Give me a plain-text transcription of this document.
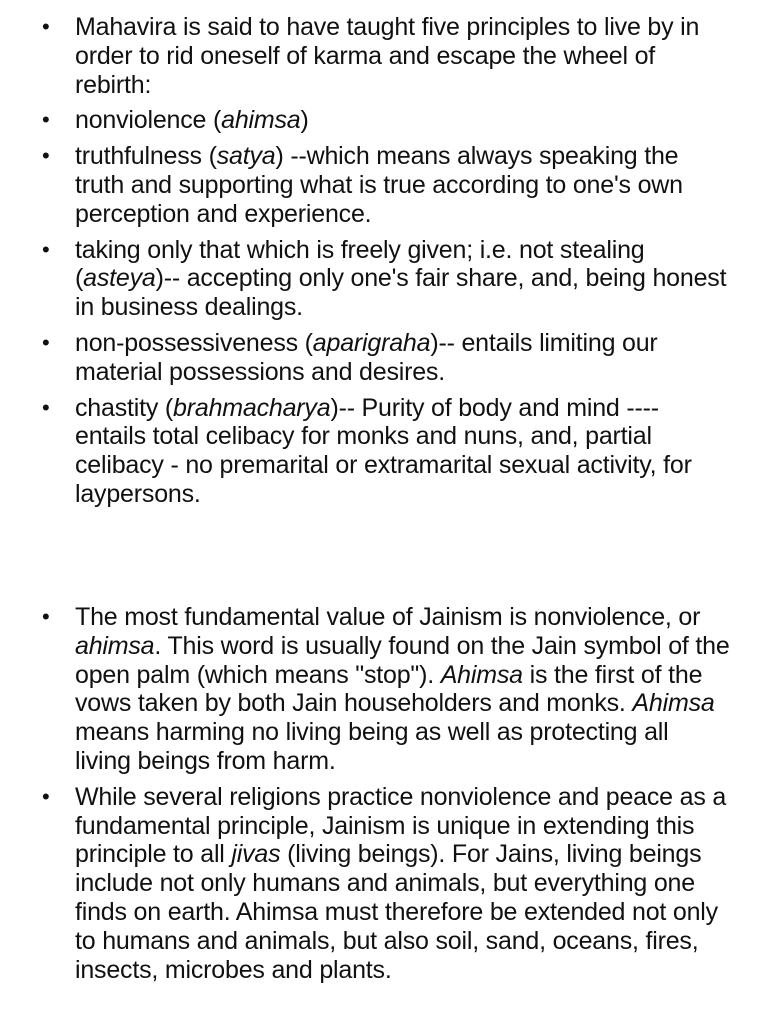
• Mahavira is said to have taught five principles to live by in order to rid oneself of karma and escape the wheel of rebirth:
• nonviolence (ahimsa)
• truthfulness (satya) --which means always speaking the truth and supporting what is true according to one's own perception and experience.
• taking only that which is freely given; i.e. not stealing (asteya)-- accepting only one's fair share, and, being honest in business dealings.
• non-possessiveness (aparigraha)-- entails limiting our material possessions and desires.
• chastity (brahmacharya)-- Purity of body and mind ---- entails total celibacy for monks and nuns, and, partial celibacy - no premarital or extramarital sexual activity, for laypersons.
• The most fundamental value of Jainism is nonviolence, or ahimsa. This word is usually found on the Jain symbol of the open palm (which means "stop"). Ahimsa is the first of the vows taken by both Jain householders and monks. Ahimsa means harming no living being as well as protecting all living beings from harm.
• While several religions practice nonviolence and peace as a fundamental principle, Jainism is unique in extending this principle to all jivas (living beings). For Jains, living beings include not only humans and animals, but everything one finds on earth. Ahimsa must therefore be extended not only to humans and animals, but also soil, sand, oceans, fires, insects, microbes and plants.
